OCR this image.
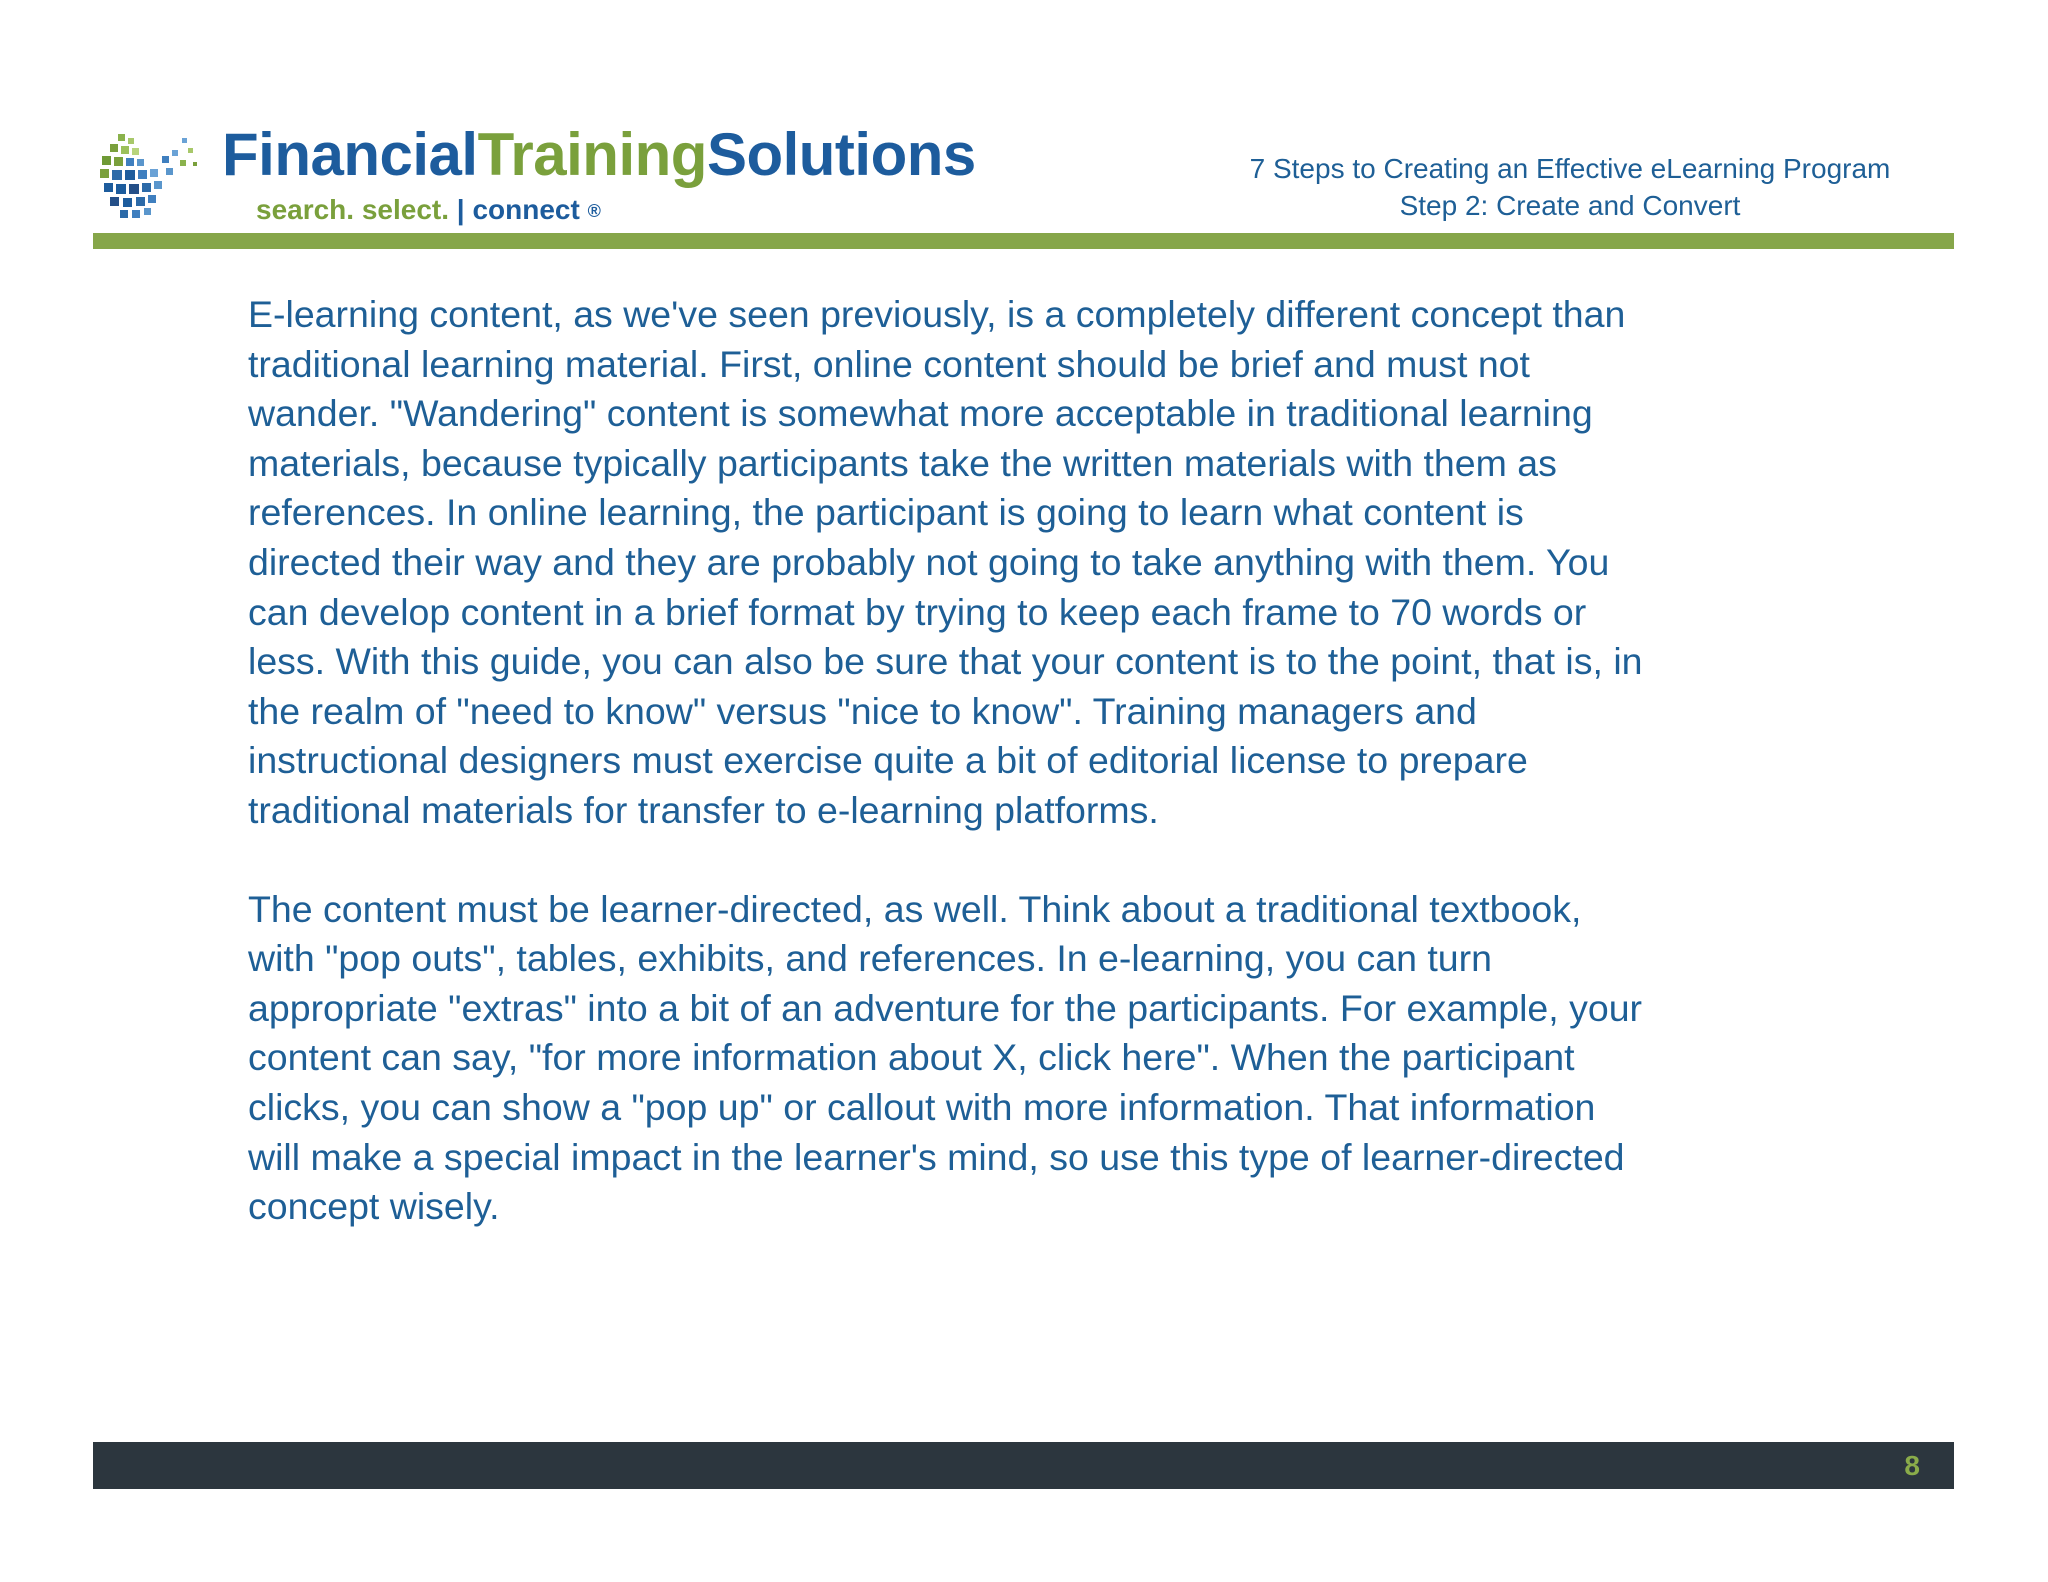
FinancialTrainingSolutions
search. select. | connect ®
7 Steps to Creating an Effective eLearning Program
Step 2: Create and Convert

E-learning content, as we've seen previously, is a completely different concept than
traditional learning material. First, online content should be brief and must not
wander. "Wandering" content is somewhat more acceptable in traditional learning
materials, because typically participants take the written materials with them as
references. In online learning, the participant is going to learn what content is
directed their way and they are probably not going to take anything with them. You
can develop content in a brief format by trying to keep each frame to 70 words or
less. With this guide, you can also be sure that your content is to the point, that is, in
the realm of "need to know" versus "nice to know". Training managers and
instructional designers must exercise quite a bit of editorial license to prepare
traditional materials for transfer to e-learning platforms.

The content must be learner-directed, as well. Think about a traditional textbook,
with "pop outs", tables, exhibits, and references. In e-learning, you can turn
appropriate "extras" into a bit of an adventure for the participants. For example, your
content can say, "for more information about X, click here". When the participant
clicks, you can show a "pop up" or callout with more information. That information
will make a special impact in the learner's mind, so use this type of learner-directed
concept wisely.

8
